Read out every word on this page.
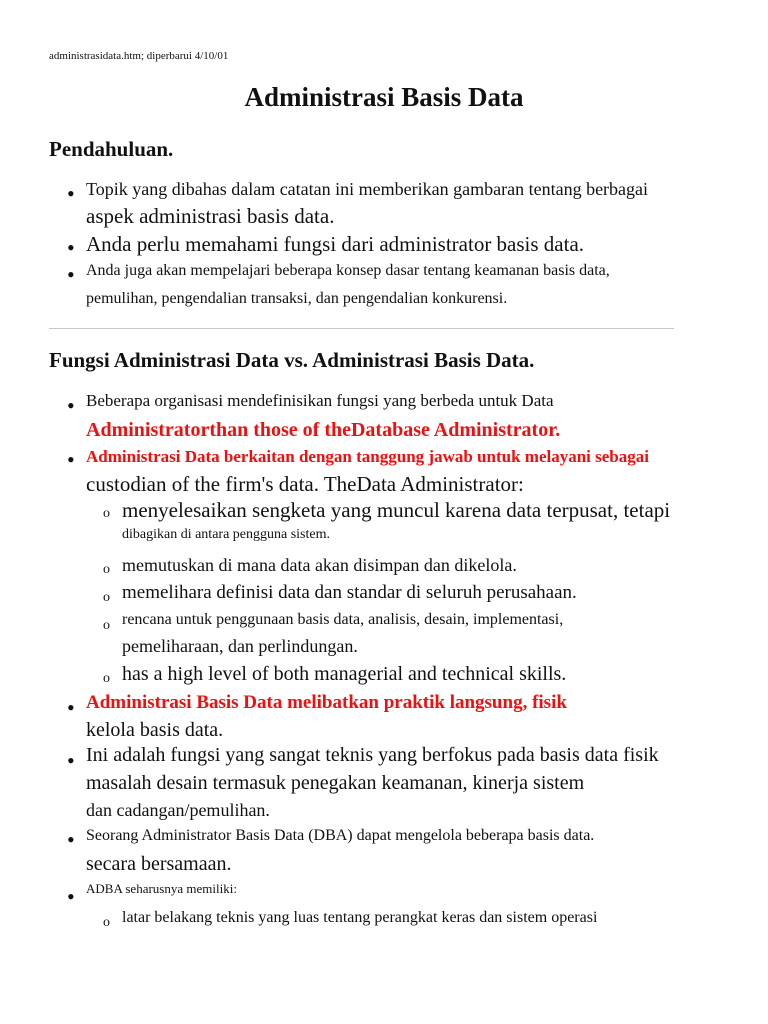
administrasidata.htm; diperbarui 4/10/01
Administrasi Basis Data
Pendahuluan.
• Topik yang dibahas dalam catatan ini memberikan gambaran tentang berbagai
aspek administrasi basis data.
• Anda perlu memahami fungsi dari administrator basis data.
• Anda juga akan mempelajari beberapa konsep dasar tentang keamanan basis data,
pemulihan, pengendalian transaksi, dan pengendalian konkurensi.
Fungsi Administrasi Data vs. Administrasi Basis Data.
• Beberapa organisasi mendefinisikan fungsi yang berbeda untuk Data
Administratorthan those of theDatabase Administrator.
• Administrasi Data berkaitan dengan tanggung jawab untuk melayani sebagai
custodian of the firm's data. TheData Administrator:
o menyelesaikan sengketa yang muncul karena data terpusat, tetapi
dibagikan di antara pengguna sistem.
o memutuskan di mana data akan disimpan dan dikelola.
o memelihara definisi data dan standar di seluruh perusahaan.
o rencana untuk penggunaan basis data, analisis, desain, implementasi,
pemeliharaan, dan perlindungan.
o has a high level of both managerial and technical skills.
• Administrasi Basis Data melibatkan praktik langsung, fisik
kelola basis data.
• Ini adalah fungsi yang sangat teknis yang berfokus pada basis data fisik
masalah desain termasuk penegakan keamanan, kinerja sistem
dan cadangan/pemulihan.
• Seorang Administrator Basis Data (DBA) dapat mengelola beberapa basis data.
secara bersamaan.
• ADBA seharusnya memiliki:
o latar belakang teknis yang luas tentang perangkat keras dan sistem operasi
